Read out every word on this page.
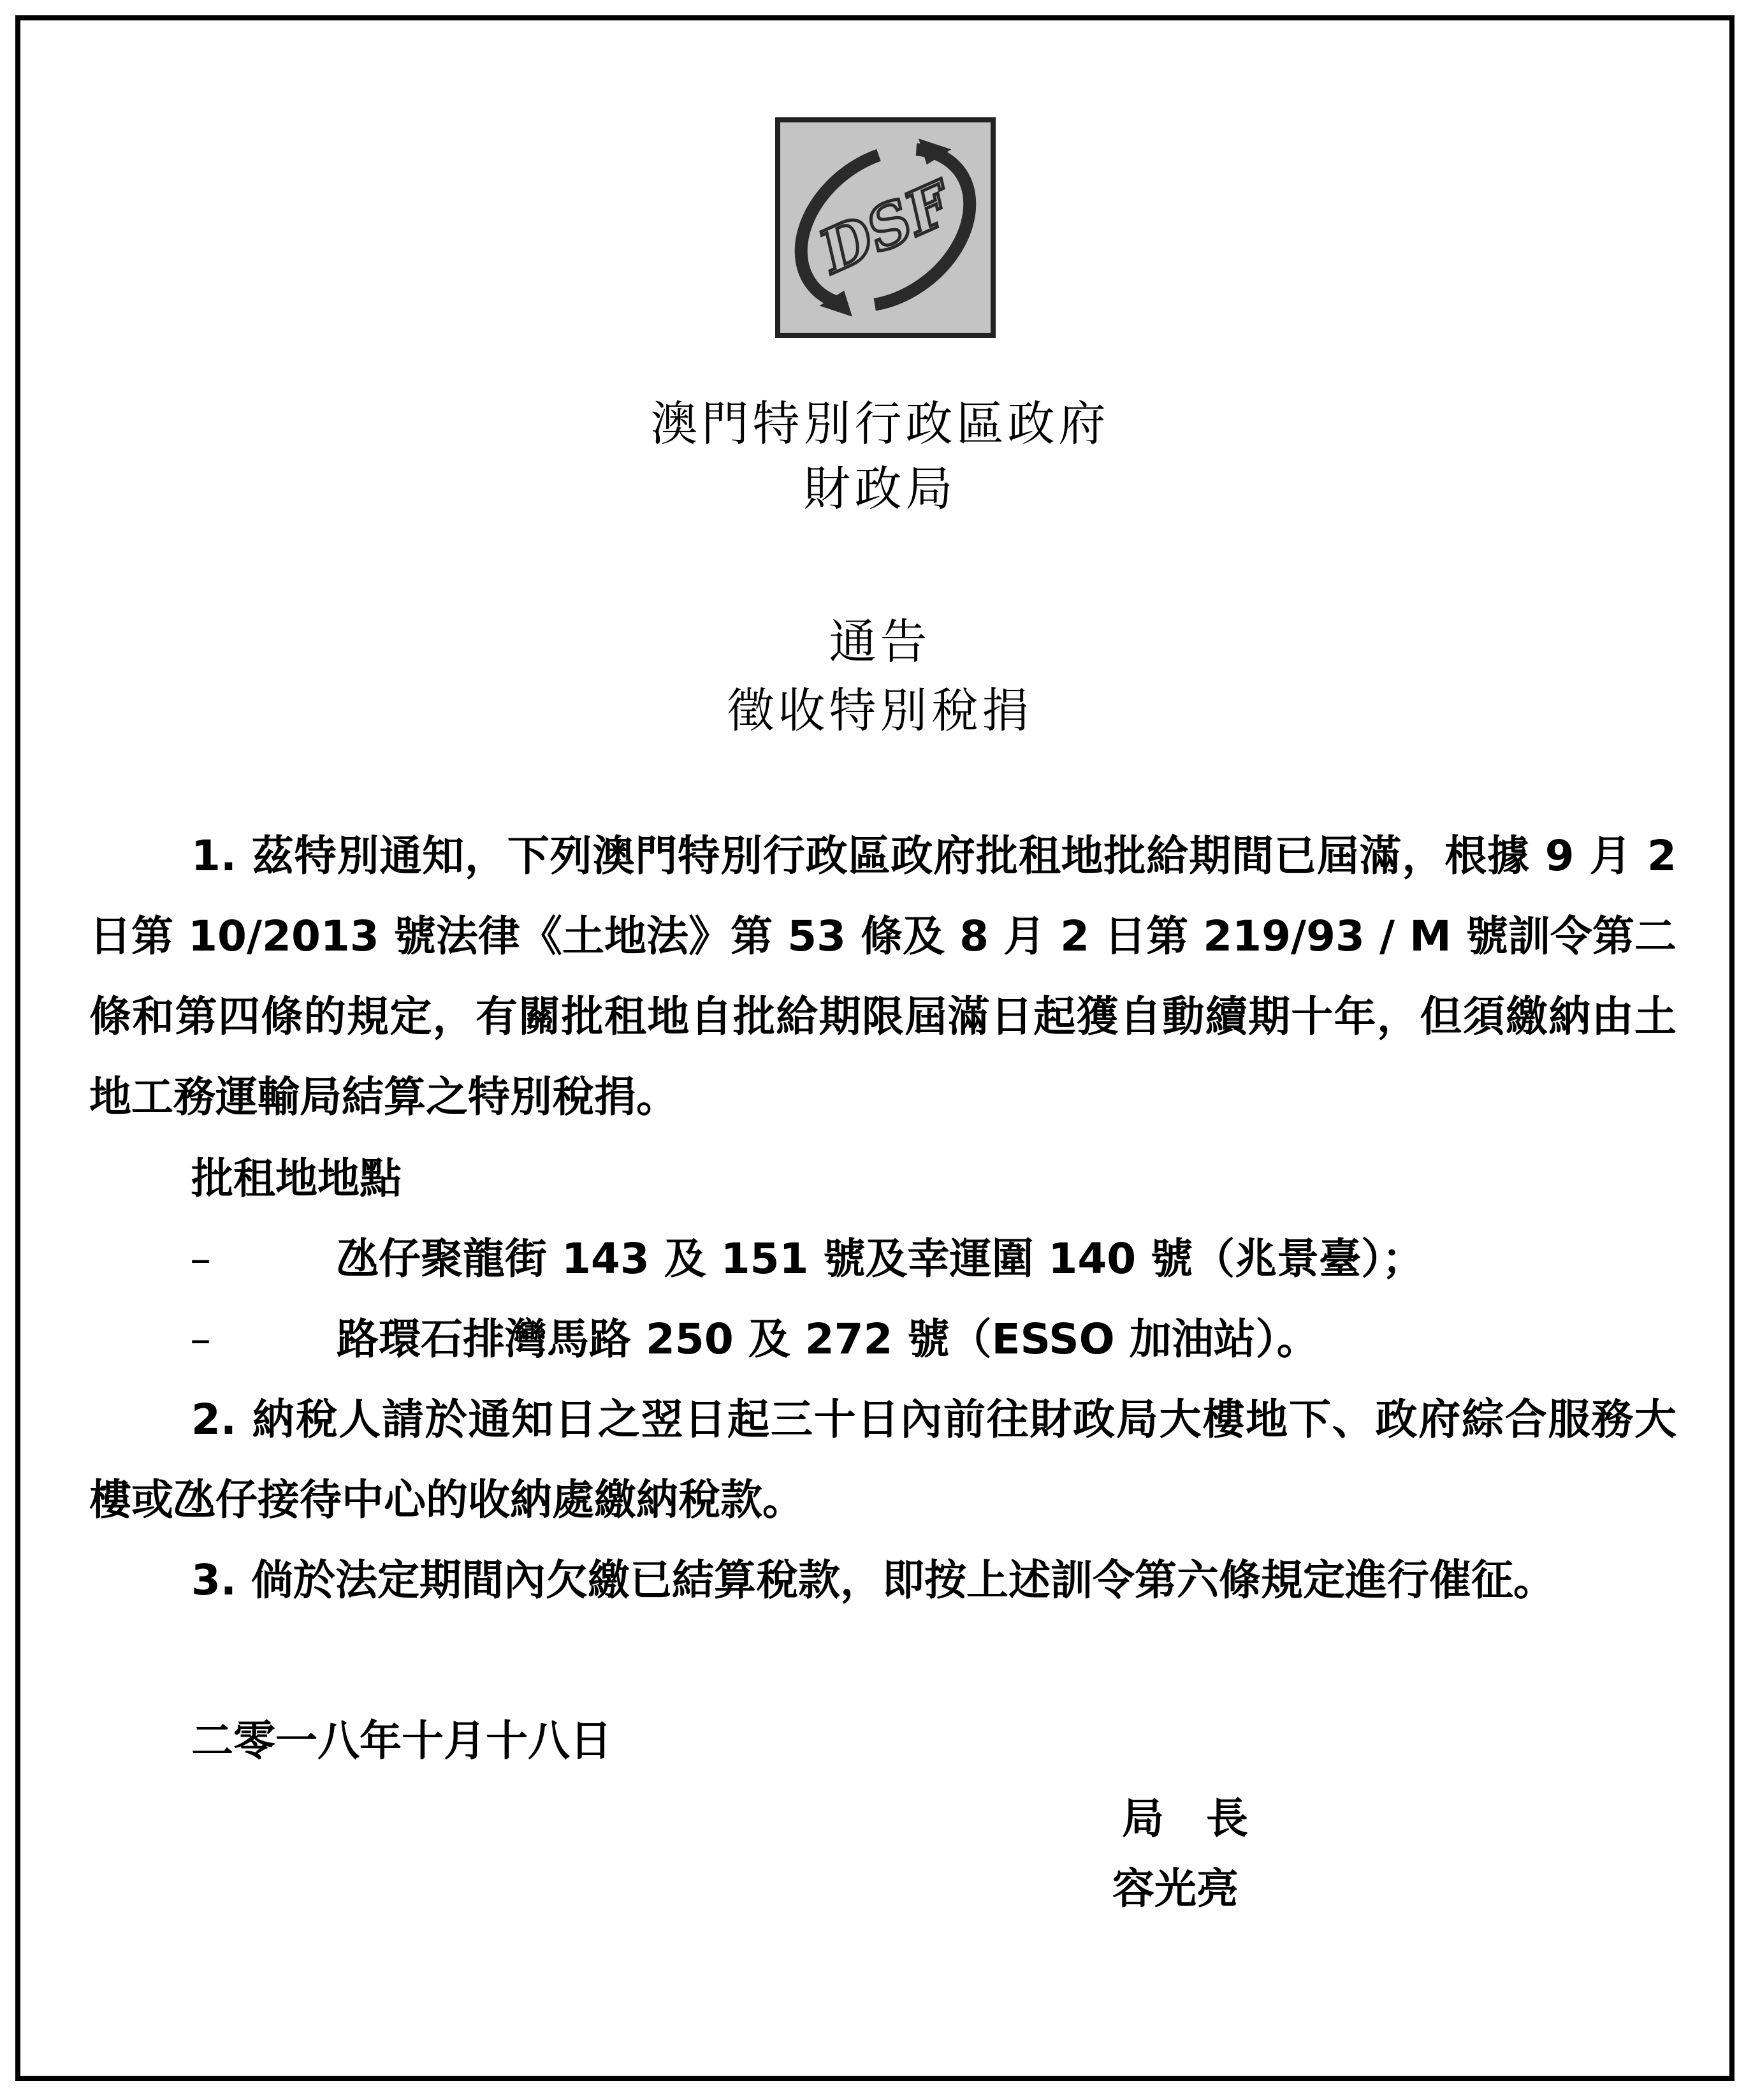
DSF
澳門特別行政區政府
財政局
通告
徵收特別稅捐

1. 茲特別通知，下列澳門特別行政區政府批租地批給期間已屆滿，根據 9 月 2 日第 10/2013 號法律《土地法》第 53 條及 8 月 2 日第 219/93 / M 號訓令第二條和第四條的規定，有關批租地自批給期限屆滿日起獲自動續期十年，但須繳納由土地工務運輸局結算之特別稅捐。

批租地地點
–	氹仔聚龍街 143 及 151 號及幸運圍 140 號（兆景臺）；
–	路環石排灣馬路 250 及 272 號（ESSO 加油站）。

2. 納稅人請於通知日之翌日起三十日內前往財政局大樓地下、政府綜合服務大樓或氹仔接待中心的收納處繳納稅款。

3. 倘於法定期間內欠繳已結算稅款，即按上述訓令第六條規定進行催征。

二零一八年十月十八日
局　長
容光亮
